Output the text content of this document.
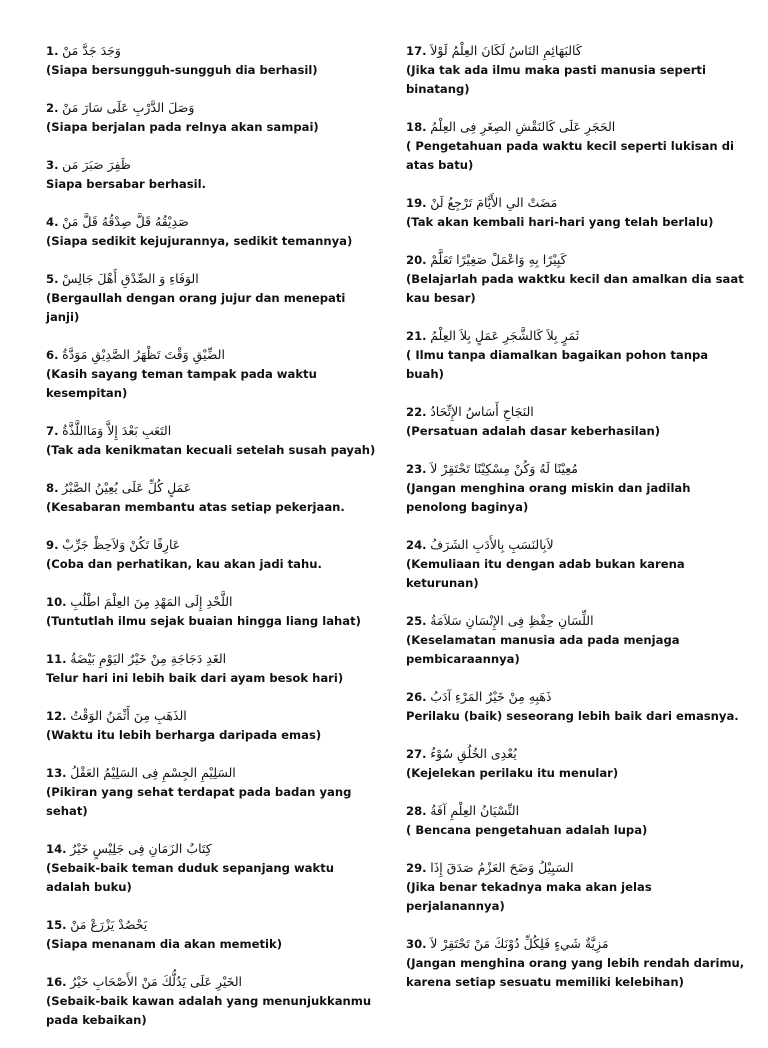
1. وَجَدَ جَدَّ مَنْ
(Siapa bersungguh-sungguh dia berhasil)
2. وَصَلَ الدَّرْبِ عَلَى سَارَ مَنْ
(Siapa berjalan pada relnya akan sampai)
3. ظَفِرَ صَبَرَ مَن
Siapa bersabar berhasil.
4. صَدِيْقُهُ قَلَّ صِدْقُهُ قَلَّ مَنْ
(Siapa sedikit kejujurannya, sedikit temannya)
5. الوَفَاءِ وَ الصِّدْقِ أَهْلَ جَالِسْ
(Bergaullah dengan orang jujur dan menepati janji)
6. الضِّيْقِ وَقْتَ تَظْهَرُ الصَّدِيْقِ مَوَدَّةُ
(Kasih sayang teman tampak pada waktu kesempitan)
7. التَعَبِ بَعْدَ إِلاَّ وَمَااللَّذَّةُ
(Tak ada kenikmatan kecuali setelah susah payah)
8. عَمَلٍ كُلِّ عَلَى يُعِيْنُ الصَّبْرُ
(Kesabaran membantu atas setiap pekerjaan.
9. عَارِفًا تَكُنْ وَلاَحِظْ جَرِّبْ
(Coba dan perhatikan, kau akan jadi tahu.
10. اللَّحْدِ إِلَى المَهْدِ مِنَ العِلْمَ اطْلُبِ
(Tuntutlah ilmu sejak buaian hingga liang lahat)
11. الغَدِ دَجَاجَةِ مِنْ خَيْرٌ اليَوْمِ بَيْضَةُ
Telur hari ini lebih baik dari ayam besok hari)
12. الذَهَبِ مِنَ أَثْمَنُ الوَقْتُ
(Waktu itu lebih berharga daripada emas)
13. السَلِيْمِ الجِسْمِ فِى السَلِيْمُ العَقْلُ
(Pikiran yang sehat terdapat pada badan yang sehat)
14. كِتَابٌ الزَمَانِ فِى جَلِيْسٍ خَيْرُ
(Sebaik-baik teman duduk sepanjang waktu adalah buku)
15. يَحْصُدْ يَزْرَعْ مَنْ
(Siapa menanam dia akan memetik)
16. الخَيْرِ عَلَى يَدُلُّكَ مَنْ الأَصْحَابِ خَيْرُ
(Sebaik-baik kawan adalah yang menunjukkanmu pada kebaikan)
17. كَالبَهَائِمِ النَاسُ لَكَانَ العِلْمُ لَوْلاَ
(Jika tak ada ilmu maka pasti manusia seperti binatang)
18. الحَجَرِ عَلَى كَالنَقْشِ الصِغَرِ فِى العِلْمُ
( Pengetahuan pada waktu kecil seperti lukisan di atas batu)
19. مَضَتْ الىِ الأَيَّامَ تَرْجِعُ لَنْ
(Tak akan kembali hari-hari yang telah berlalu)
20. كَبِيْرًا بِهِ وَاعْمَلْ صَغِيْرًا تَعَلَّمْ
(Belajarlah pada waktku kecil dan amalkan dia saat kau besar)
21. ثَمَرٍ بِلاَ كَالشَّجَرِ عَمَلٍ بِلاَ العِلْمُ
( Ilmu tanpa diamalkan bagaikan pohon tanpa buah)
22. النَجَاحِ أَسَاسُ الإِتِّحَادُ
(Persatuan adalah dasar keberhasilan)
23. مُعِيْنًا لَهُ وَكُنْ مِسْكِيْنًا تَحْتَقِرْ لاَ
(Jangan menghina orang miskin dan jadilah penolong baginya)
24. لاَبِالنَسَبِ بِالأَدَبِ الشَرَفُ
(Kemuliaan itu dengan adab bukan karena keturunan)
25. اللِّسَانِ حِفْظِ فِى الإِنْسَانِ سَلاَمَةُ
(Keselamatan manusia ada pada menjaga pembicaraannya)
26. ذَهَبِهِ مِنْ خَيْرٌ المَرْءِ آدَبُ
Perilaku (baik) seseorang lebih baik dari emasnya.
27. يُعْدِى الخُلُقِ سُوْءُ
(Kejelekan perilaku itu menular)
28. النِّسْيَانُ العِلْمِ آفَةُ
( Bencana pengetahuan adalah lupa)
29. السَبِيْلُ وَضَحَ العَزْمُ صَدَقَ إِذَا
(Jika benar tekadnya maka akan jelas perjalanannya)
30. مَزِيَّةٌ شَيءٍ فَلِكُلِّ دُوْنَكَ مَنْ تَحْتَقِرْ لاَ
(Jangan menghina orang yang lebih rendah darimu, karena setiap sesuatu memiliki kelebihan)
